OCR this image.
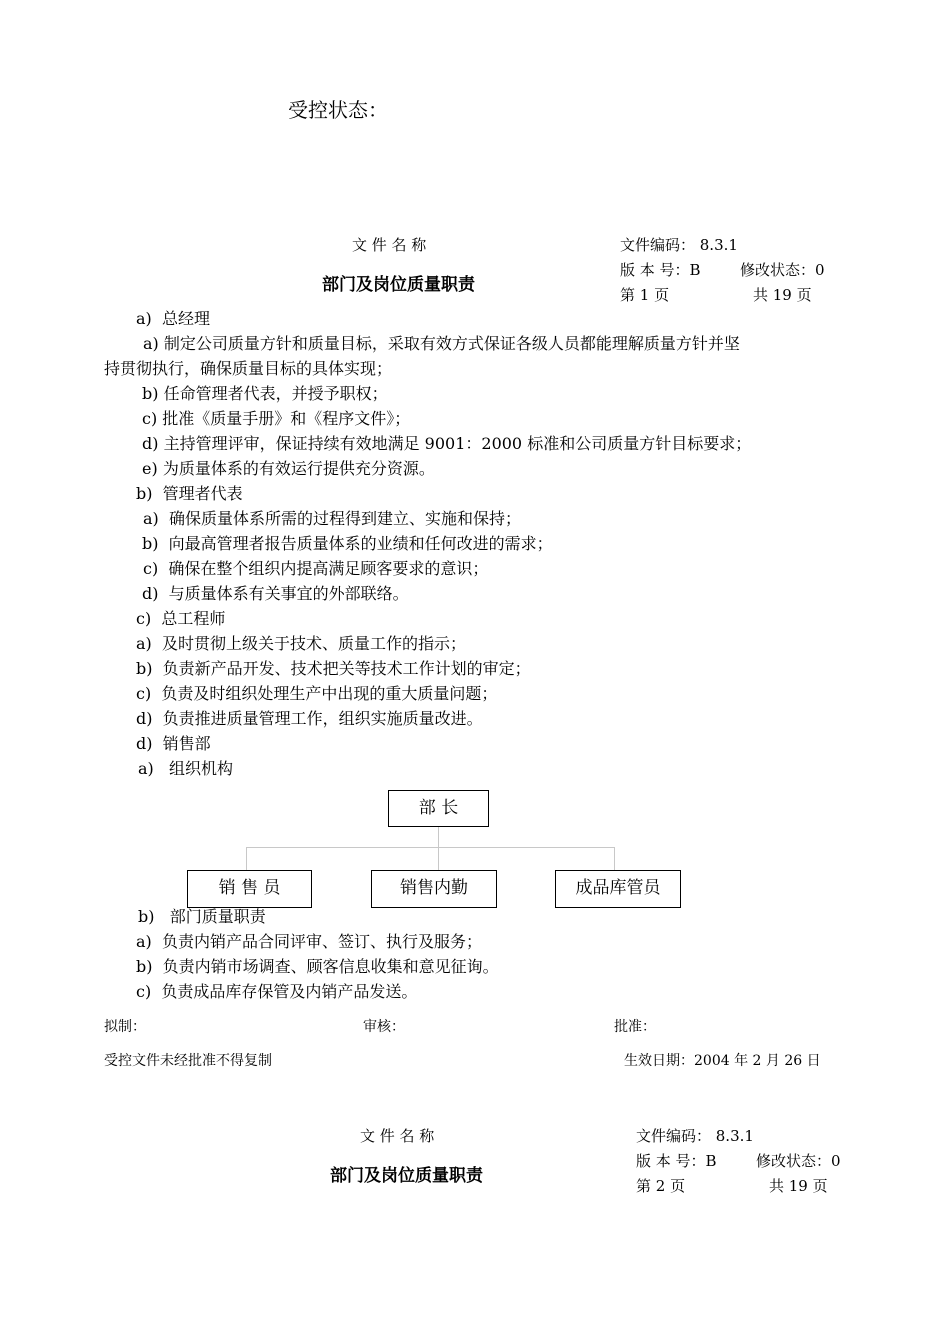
受控状态：
文 件 名 称
部门及岗位质量职责
文件编码： 8.3.1
版 本 号：B	修改状态：0
第 1 页	共 19 页
a) 总经理
a) 制定公司质量方针和质量目标，采取有效方式保证各级人员都能理解质量方针并坚
持贯彻执行，确保质量目标的具体实现；
b) 任命管理者代表，并授予职权；
c) 批准《质量手册》和《程序文件》；
d) 主持管理评审，保证持续有效地满足 9001：2000 标准和公司质量方针目标要求；
e) 为质量体系的有效运行提供充分资源。
b) 管理者代表
a) 确保质量体系所需的过程得到建立、实施和保持；
b) 向最高管理者报告质量体系的业绩和任何改进的需求；
c) 确保在整个组织内提高满足顾客要求的意识；
d) 与质量体系有关事宜的外部联络。
c) 总工程师
a) 及时贯彻上级关于技术、质量工作的指示；
b) 负责新产品开发、技术把关等技术工作计划的审定；
c) 负责及时组织处理生产中出现的重大质量问题；
d) 负责推进质量管理工作，组织实施质量改进。
d) 销售部
a) 组织机构
部 长
销 售 员	销售内勤	成品库管员
b) 部门质量职责
a) 负责内销产品合同评审、签订、执行及服务；
b) 负责内销市场调查、顾客信息收集和意见征询。
c) 负责成品库存保管及内销产品发送。
拟制：	审核：	批准：
受控文件未经批准不得复制	生效日期：2004 年 2 月 26 日
文 件 名 称
部门及岗位质量职责
文件编码： 8.3.1
版 本 号：B	修改状态：0
第 2 页	共 19 页
